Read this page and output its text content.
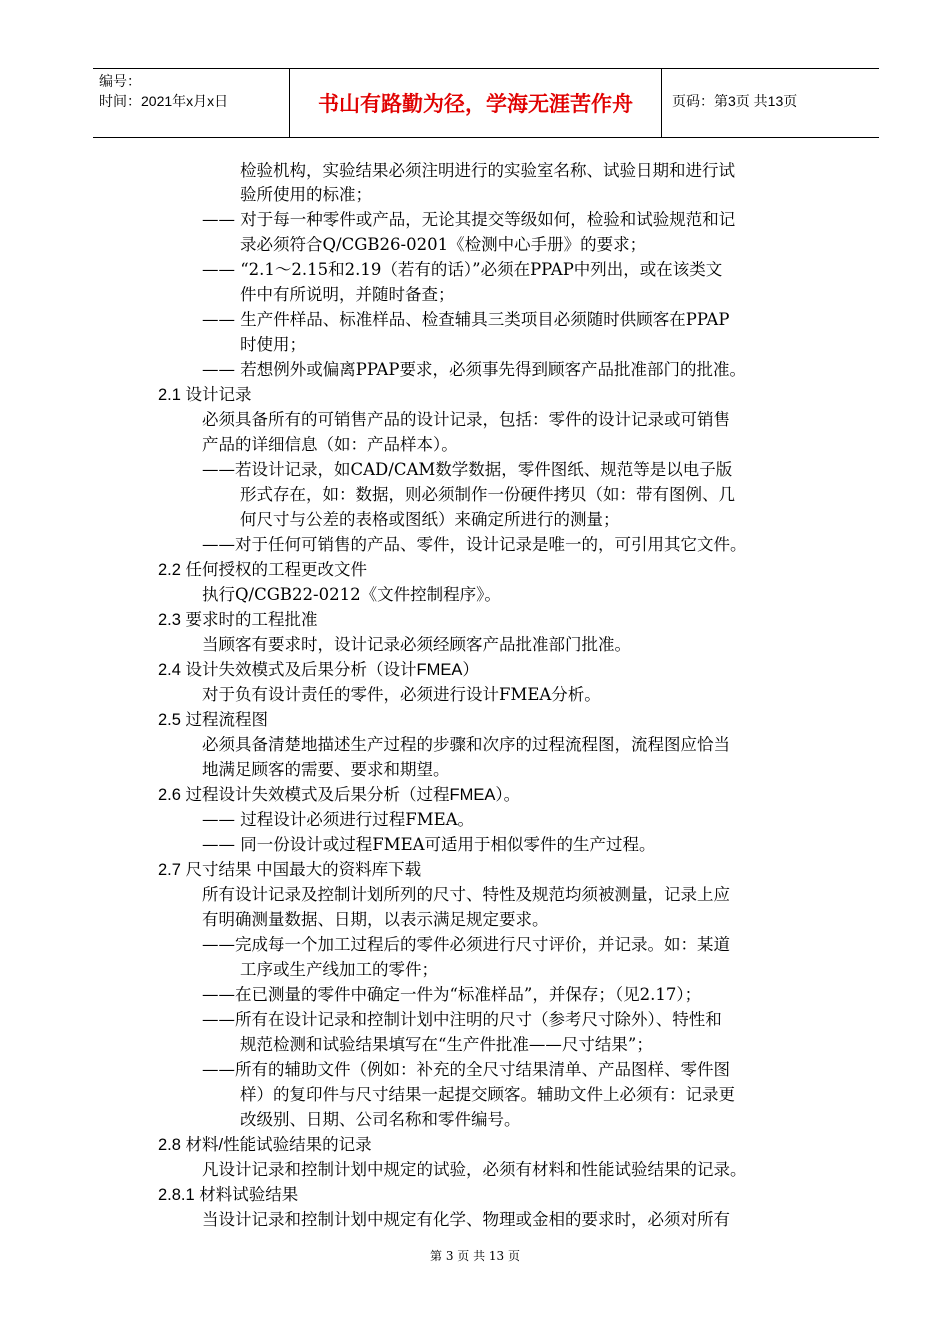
编号：
时间：2021年x月x日	书山有路勤为径，学海无涯苦作舟	页码：第3页 共13页
检验机构，实验结果必须注明进行的实验室名称、试验日期和进行试
验所使用的标准；
—— 对于每一种零件或产品，无论其提交等级如何，检验和试验规范和记
录必须符合Q/CGB26-0201《检测中心手册》的要求；
—— “2.1～2.15和2.19（若有的话）”必须在PPAP中列出，或在该类文
件中有所说明，并随时备查；
—— 生产件样品、标准样品、检查辅具三类项目必须随时供顾客在PPAP
时使用；
—— 若想例外或偏离PPAP要求，必须事先得到顾客产品批准部门的批准。
2.1 设计记录
必须具备所有的可销售产品的设计记录，包括：零件的设计记录或可销售
产品的详细信息（如：产品样本）。
——若设计记录，如CAD/CAM数学数据，零件图纸、规范等是以电子版
形式存在，如：数据，则必须制作一份硬件拷贝（如：带有图例、几
何尺寸与公差的表格或图纸）来确定所进行的测量；
——对于任何可销售的产品、零件，设计记录是唯一的，可引用其它文件。
2.2 任何授权的工程更改文件
执行Q/CGB22-0212《文件控制程序》。
2.3 要求时的工程批准
当顾客有要求时，设计记录必须经顾客产品批准部门批准。
2.4 设计失效模式及后果分析（设计FMEA）
对于负有设计责任的零件，必须进行设计FMEA分析。
2.5 过程流程图
必须具备清楚地描述生产过程的步骤和次序的过程流程图，流程图应恰当
地满足顾客的需要、要求和期望。
2.6 过程设计失效模式及后果分析（过程FMEA）。
—— 过程设计必须进行过程FMEA。
—— 同一份设计或过程FMEA可适用于相似零件的生产过程。
2.7 尺寸结果 中国最大的资料库下载
所有设计记录及控制计划所列的尺寸、特性及规范均须被测量，记录上应
有明确测量数据、日期，以表示满足规定要求。
——完成每一个加工过程后的零件必须进行尺寸评价，并记录。如：某道
工序或生产线加工的零件；
——在已测量的零件中确定一件为“标准样品”，并保存；（见2.17）；
——所有在设计记录和控制计划中注明的尺寸（参考尺寸除外）、特性和
规范检测和试验结果填写在“生产件批准——尺寸结果”；
——所有的辅助文件（例如：补充的全尺寸结果清单、产品图样、零件图
样）的复印件与尺寸结果一起提交顾客。辅助文件上必须有：记录更
改级别、日期、公司名称和零件编号。
2.8 材料/性能试验结果的记录
凡设计记录和控制计划中规定的试验，必须有材料和性能试验结果的记录。
2.8.1 材料试验结果
当设计记录和控制计划中规定有化学、物理或金相的要求时，必须对所有
第 3 页 共 13 页
